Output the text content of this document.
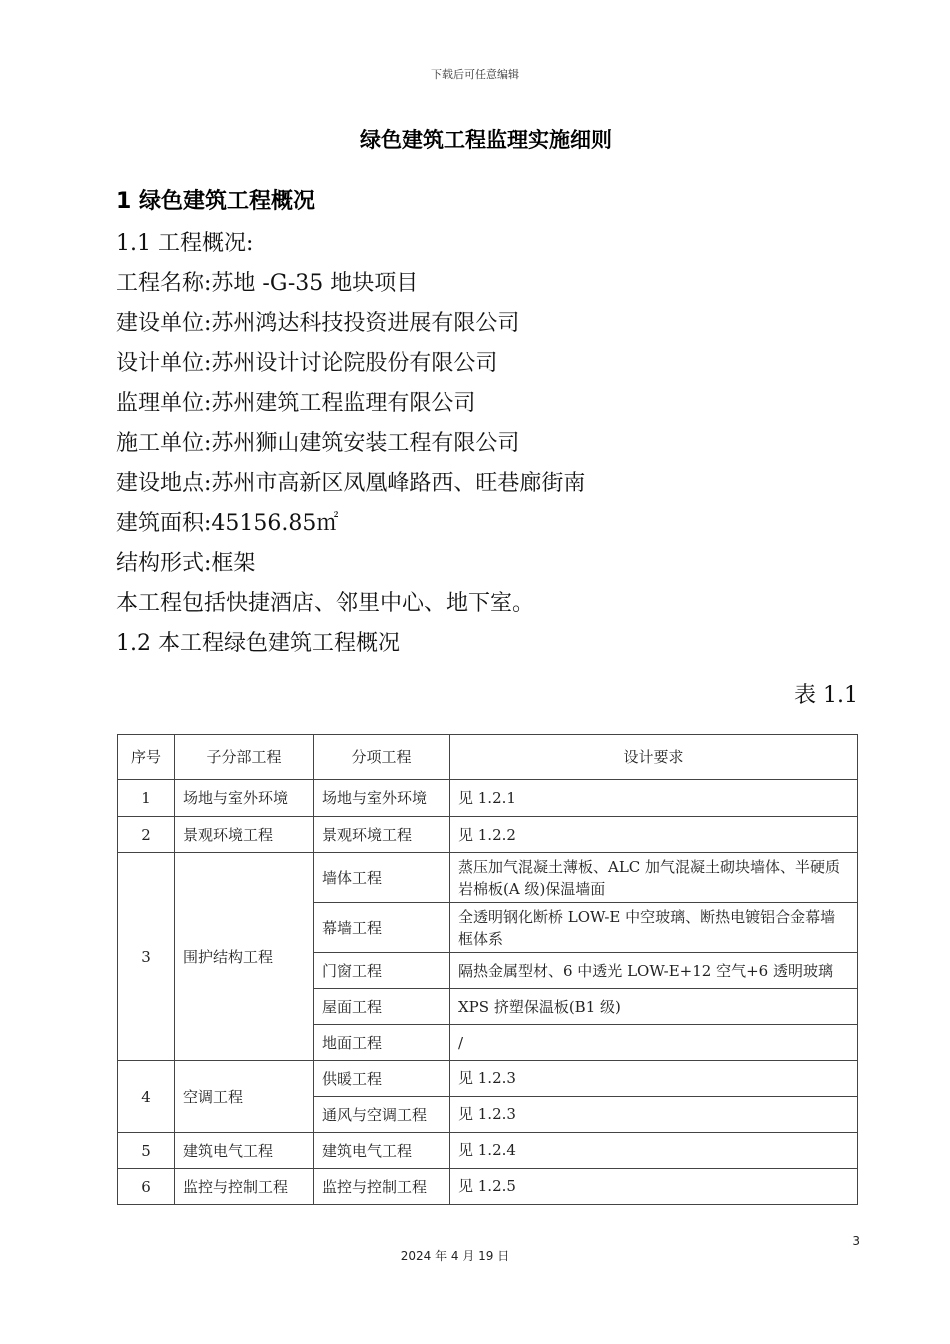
下载后可任意编辑
绿色建筑工程监理实施细则
1 绿色建筑工程概况
1.1 工程概况:
工程名称:苏地 -G-35 地块项目
建设单位:苏州鸿达科技投资进展有限公司
设计单位:苏州设计讨论院股份有限公司
监理单位:苏州建筑工程监理有限公司
施工单位:苏州狮山建筑安装工程有限公司
建设地点:苏州市高新区凤凰峰路西、旺巷廊街南
建筑面积:45156.85㎡
结构形式:框架
本工程包括快捷酒店、邻里中心、地下室。
1.2 本工程绿色建筑工程概况
表 1.1
序号	子分部工程	分项工程	设计要求
1	场地与室外环境	场地与室外环境	见 1.2.1
2	景观环境工程	景观环境工程	见 1.2.2
3	围护结构工程	墙体工程	蒸压加气混凝土薄板、ALC 加气混凝土砌块墙体、半硬质岩棉板(A 级)保温墙面
		幕墙工程	全透明钢化断桥 LOW-E 中空玻璃、断热电镀铝合金幕墙框体系
		门窗工程	隔热金属型材、6 中透光 LOW-E+12 空气+6 透明玻璃
		屋面工程	XPS 挤塑保温板(B1 级)
		地面工程	/
4	空调工程	供暖工程	见 1.2.3
		通风与空调工程	见 1.2.3
5	建筑电气工程	建筑电气工程	见 1.2.4
6	监控与控制工程	监控与控制工程	见 1.2.5
3
2024 年 4 月 19 日
